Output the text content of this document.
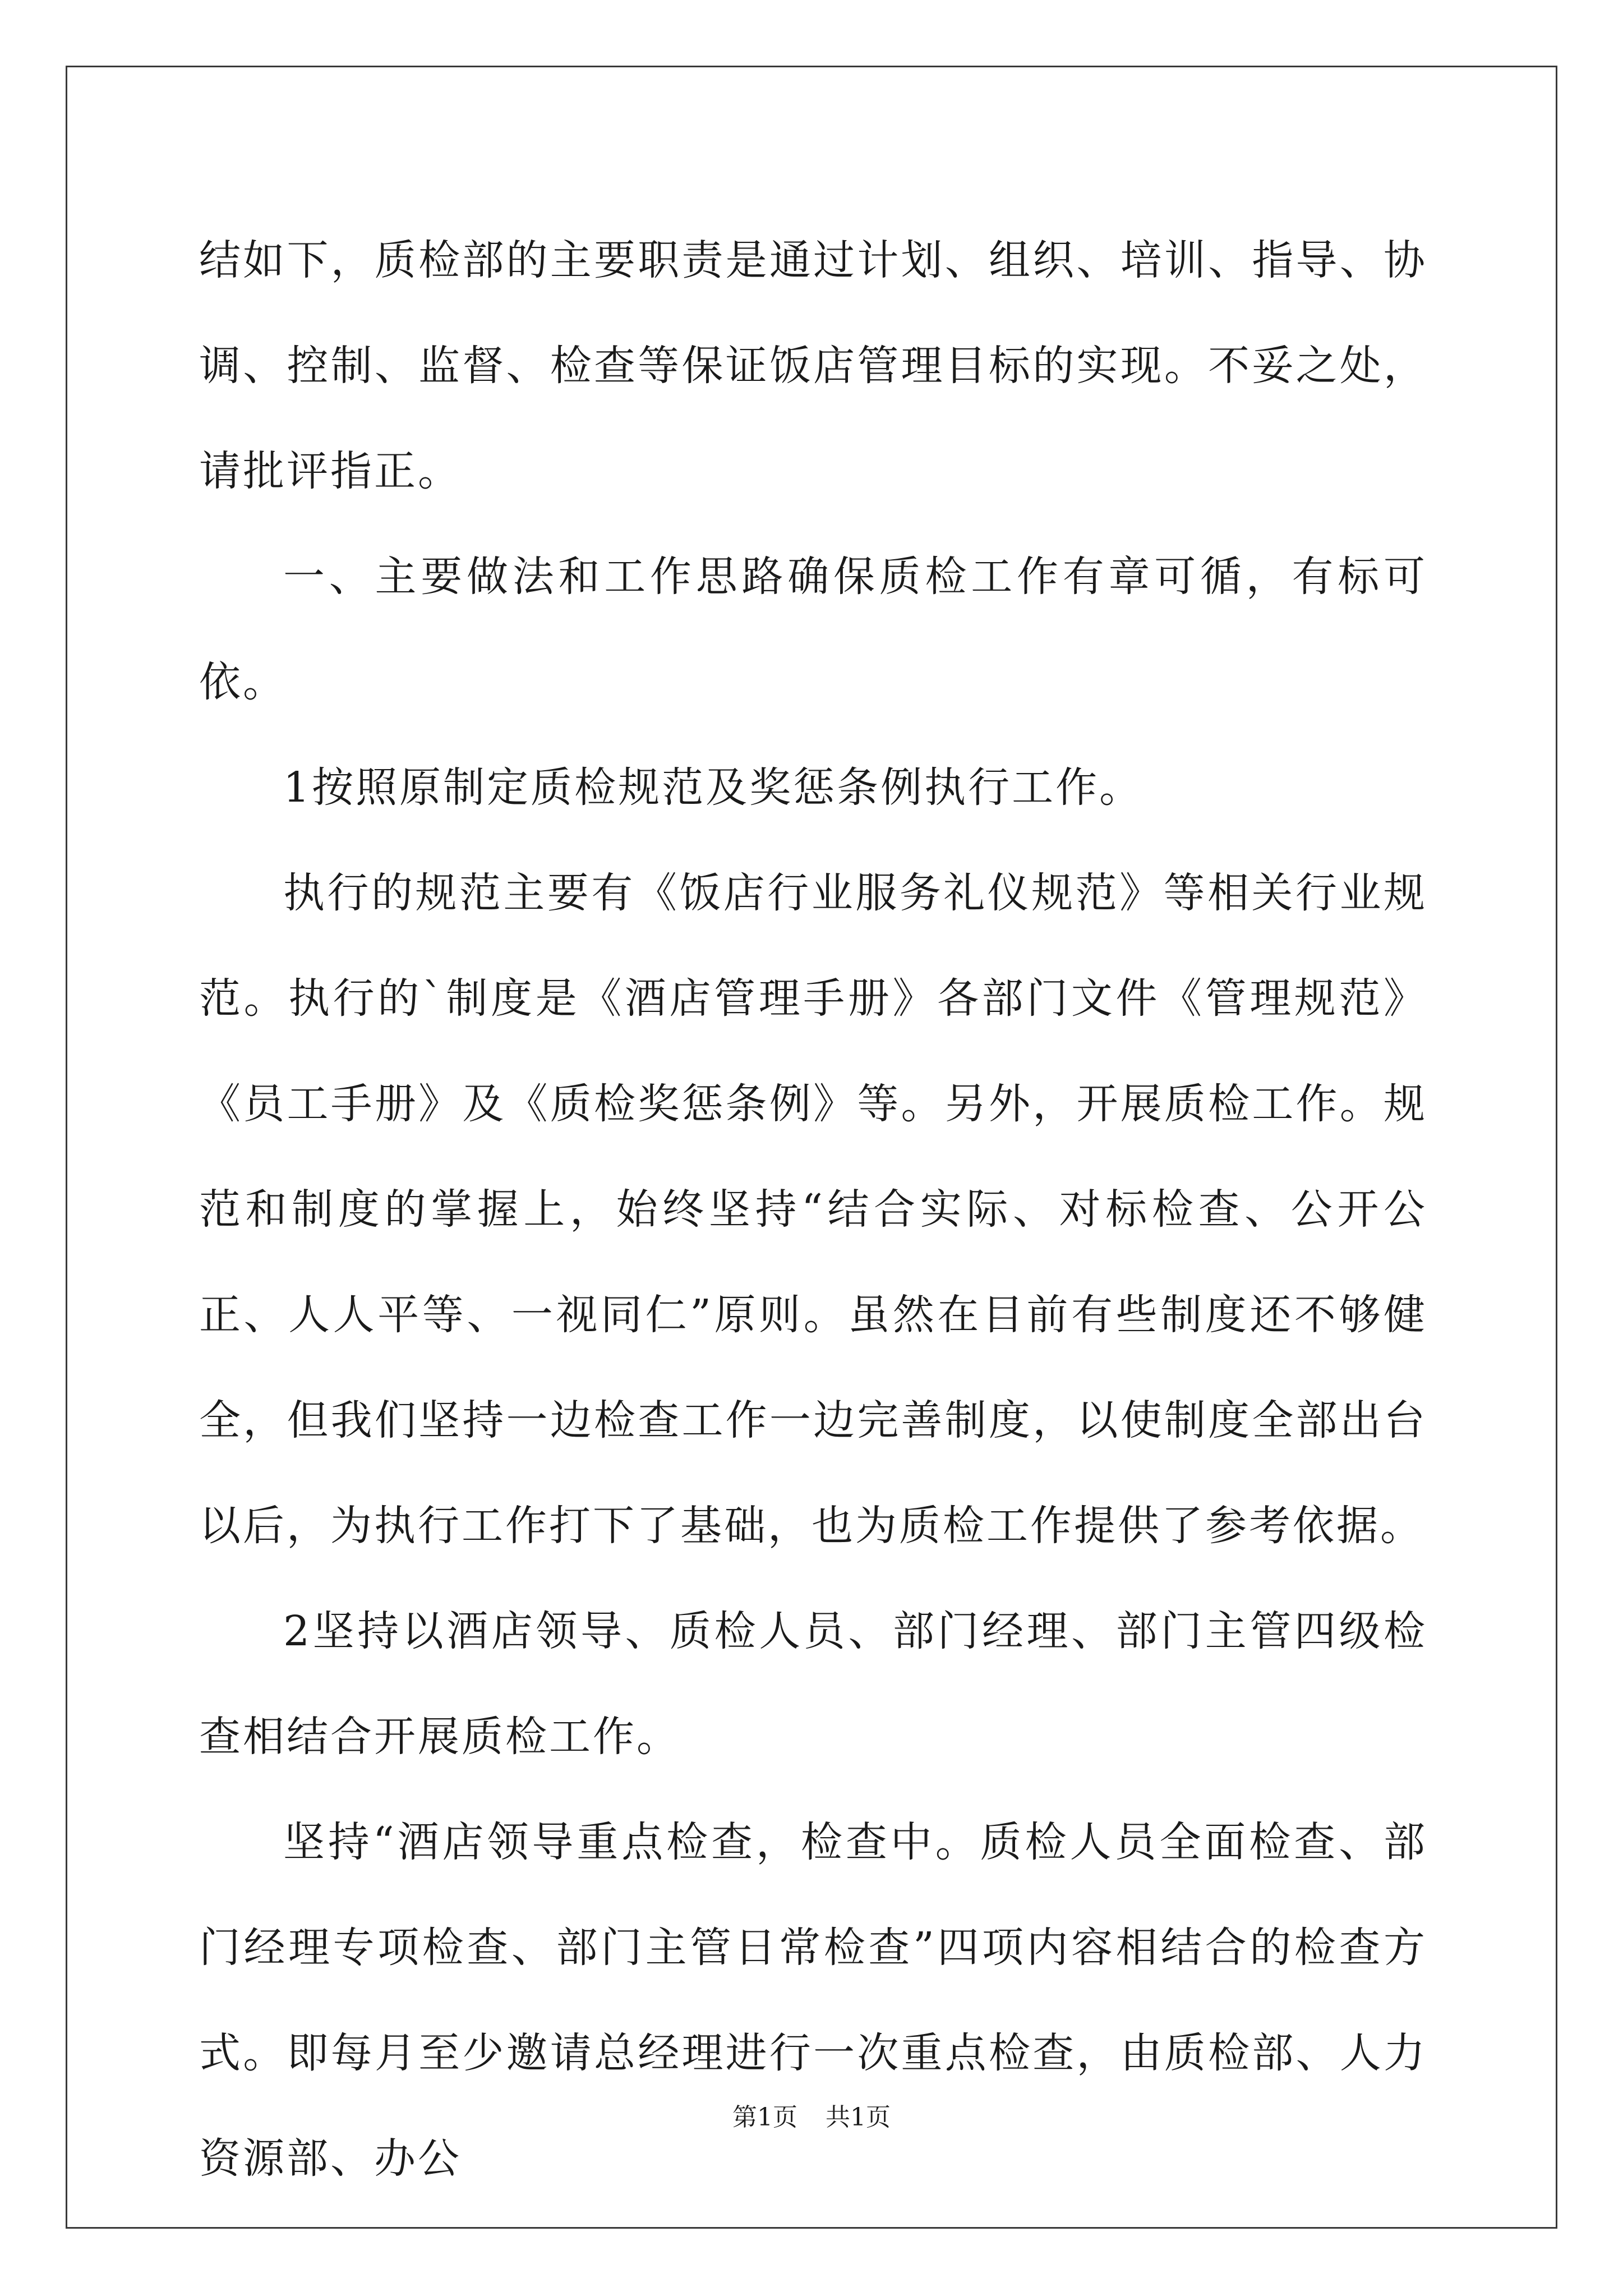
结如下，质检部的主要职责是通过计划、组织、培训、指导、协调、控制、监督、检查等保证饭店管理目标的实现。不妥之处，请批评指正。

一、主要做法和工作思路确保质检工作有章可循，有标可依。

1按照原制定质检规范及奖惩条例执行工作。

执行的规范主要有《饭店行业服务礼仪规范》等相关行业规范。执行的`制度是《酒店管理手册》各部门文件《管理规范》《员工手册》及《质检奖惩条例》等。另外，开展质检工作。规范和制度的掌握上，始终坚持“结合实际、对标检查、公开公正、人人平等、一视同仁”原则。虽然在目前有些制度还不够健全，但我们坚持一边检查工作一边完善制度，以使制度全部出台以后，为执行工作打下了基础，也为质检工作提供了参考依据。

2坚持以酒店领导、质检人员、部门经理、部门主管四级检查相结合开展质检工作。

坚持“酒店领导重点检查，检查中。质检人员全面检查、部门经理专项检查、部门主管日常检查”四项内容相结合的检查方式。即每月至少邀请总经理进行一次重点检查，由质检部、人力资源部、办公

第1页 共1页
